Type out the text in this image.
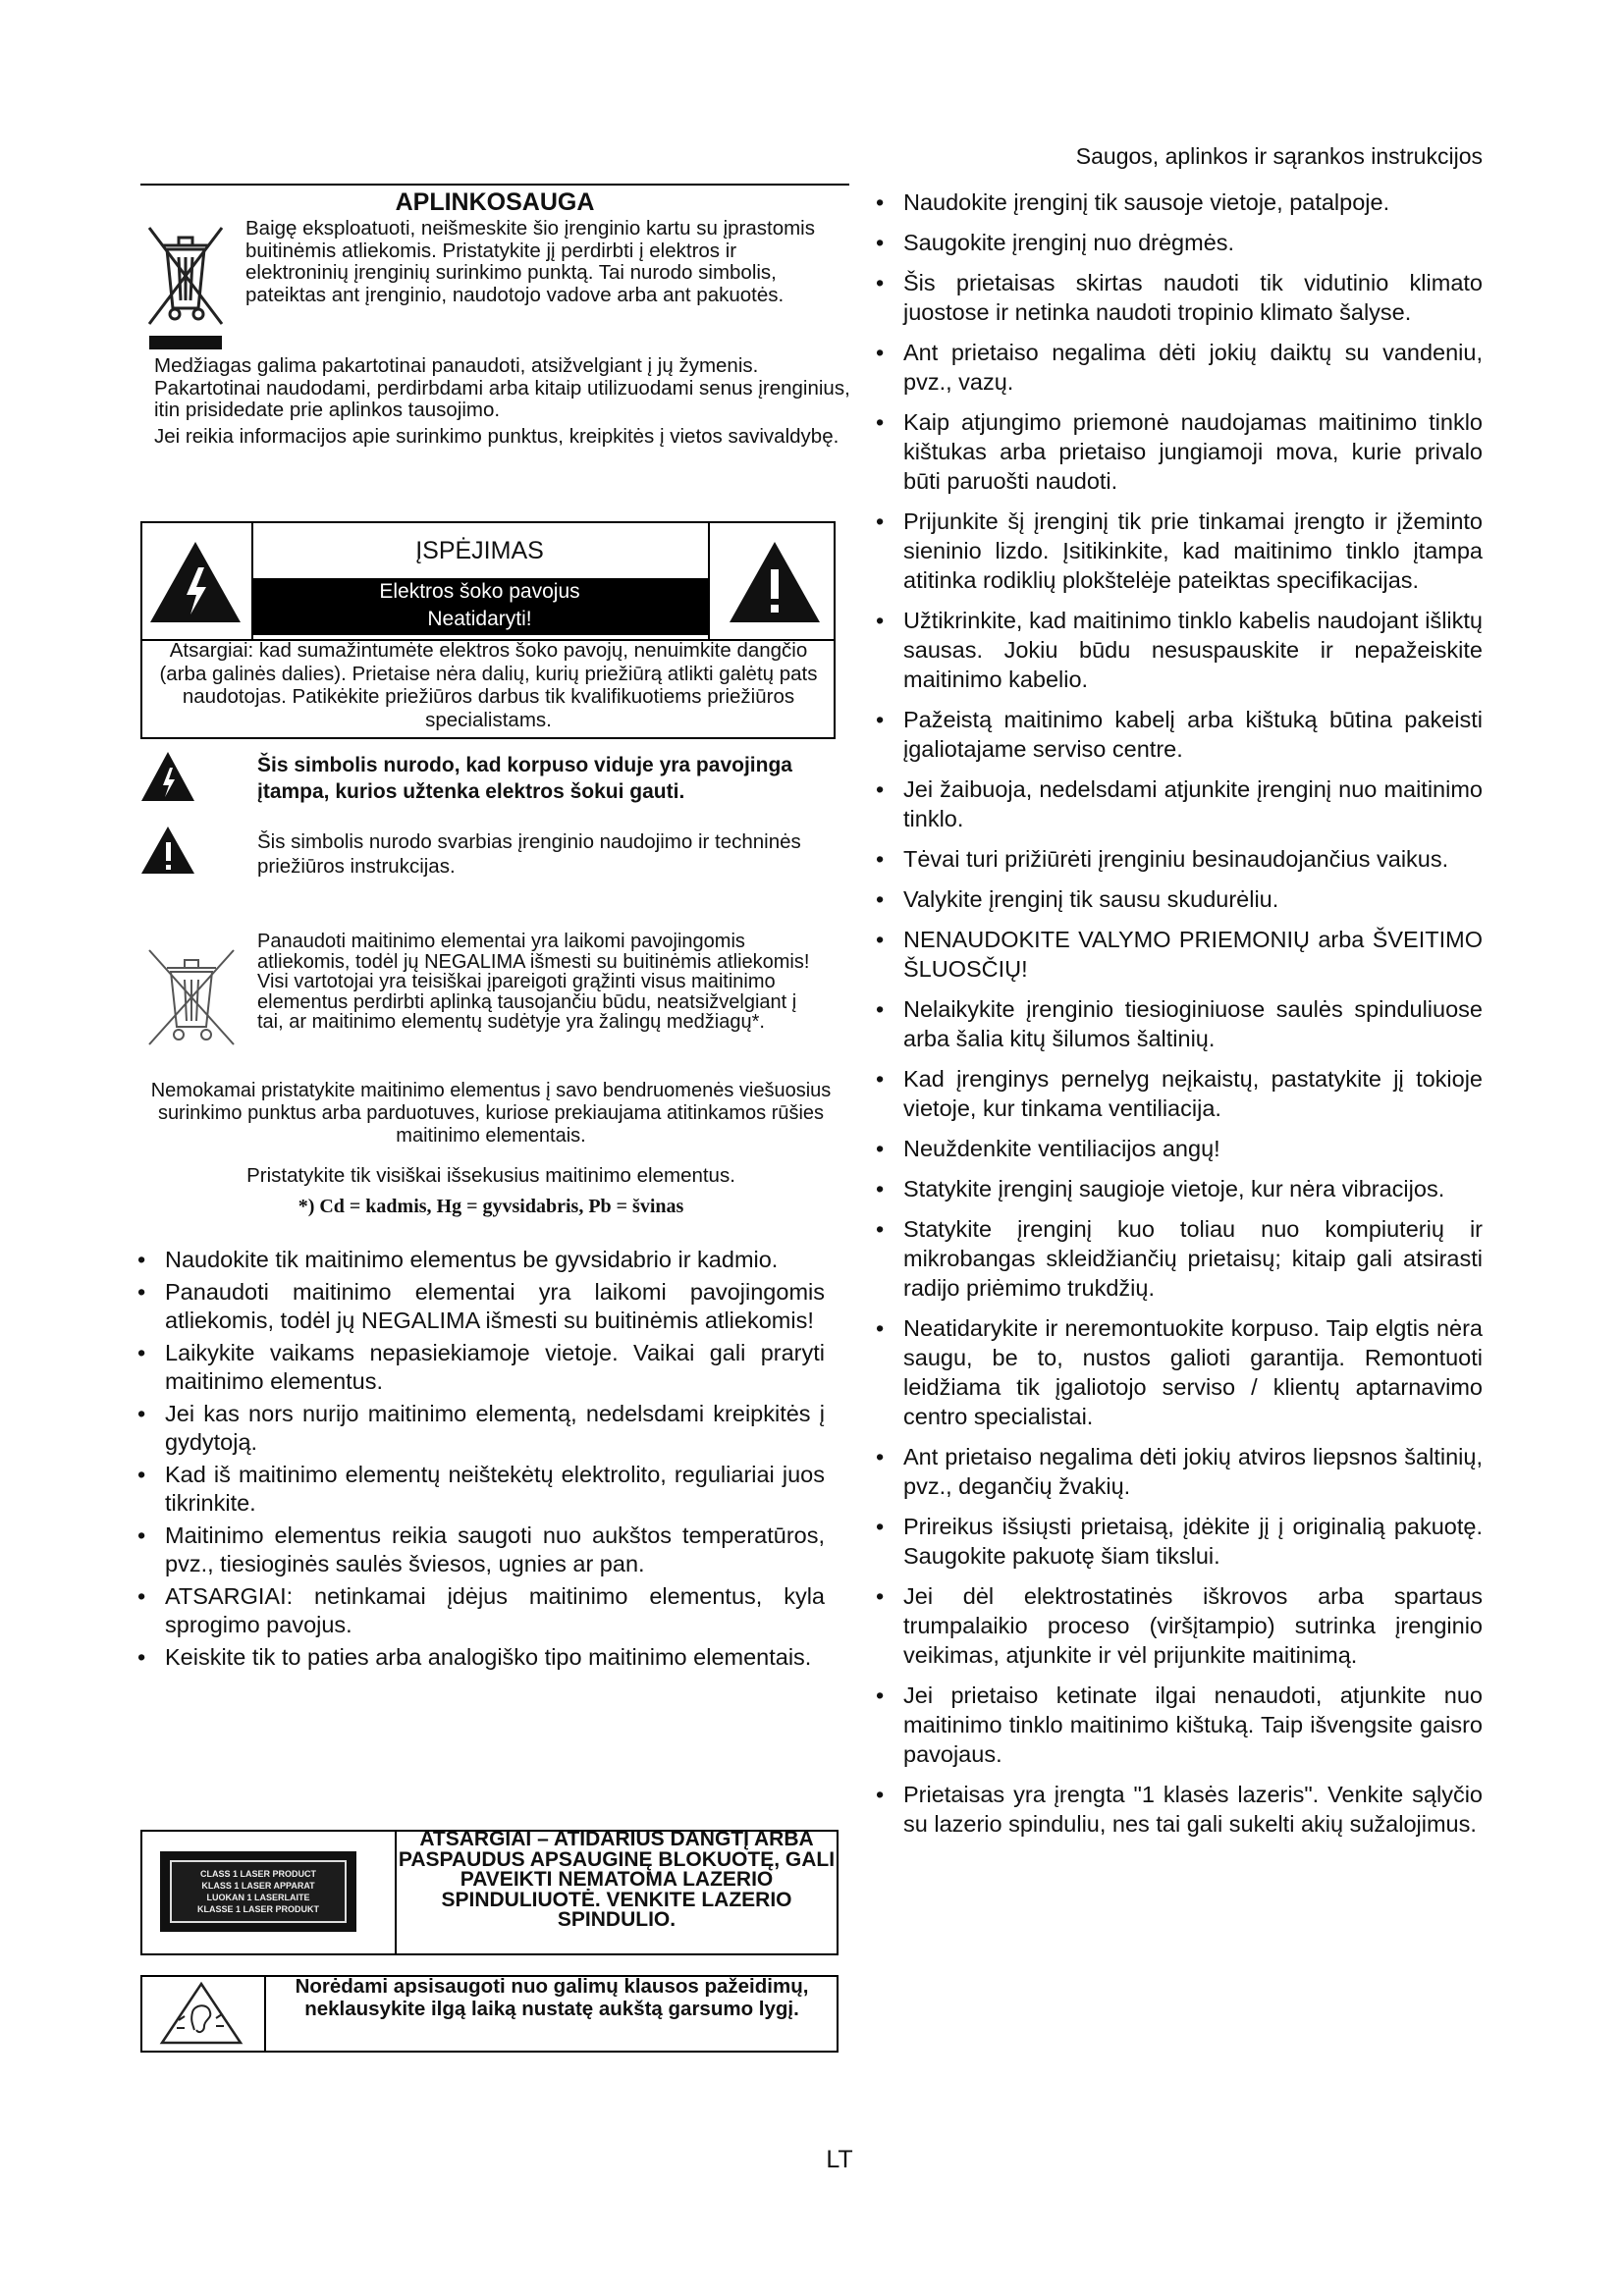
Saugos, aplinkos ir sąrankos instrukcijos
APLINKOSAUGA
Baigę eksploatuoti, neišmeskite šio įrenginio kartu su įprastomis buitinėmis atliekomis. Pristatykite jį perdirbti į elektros ir elektroninių įrenginių surinkimo punktą. Tai nurodo simbolis, pateiktas ant įrenginio, naudotojo vadove arba ant pakuotės.

Medžiagas galima pakartotinai panaudoti, atsižvelgiant į jų žymenis. Pakartotinai naudodami, perdirbdami arba kitaip utilizuodami senus įrenginius, itin prisidedate prie aplinkos tausojimo.

Jei reikia informacijos apie surinkimo punktus, kreipkitės į vietos savivaldybę.

ĮSPĖJIMAS
Elektros šoko pavojus
Neatidaryti!
Atsargiai: kad sumažintumėte elektros šoko pavojų, nenuimkite dangčio (arba galinės dalies). Prietaise nėra dalių, kurių priežiūrą atlikti galėtų pats naudotojas. Patikėkite priežiūros darbus tik kvalifikuotiems priežiūros specialistams.
Šis simbolis nurodo, kad korpuso viduje yra pavojinga įtampa, kurios užtenka elektros šokui gauti.
Šis simbolis nurodo svarbias įrenginio naudojimo ir techninės priežiūros instrukcijas.
Panaudoti maitinimo elementai yra laikomi pavojingomis atliekomis, todėl jų NEGALIMA išmesti su buitinėmis atliekomis! Visi vartotojai yra teisiškai įpareigoti grąžinti visus maitinimo elementus perdirbti aplinką tausojančiu būdu, neatsižvelgiant į tai, ar maitinimo elementų sudėtyje yra žalingų medžiagų*.
Nemokamai pristatykite maitinimo elementus į savo bendruomenės viešuosius surinkimo punktus arba parduotuves, kuriose prekiaujama atitinkamos rūšies maitinimo elementais.
Pristatykite tik visiškai išsekusius maitinimo elementus.
*) Cd = kadmis, Hg = gyvsidabris, Pb = švinas
• Naudokite tik maitinimo elementus be gyvsidabrio ir kadmio.
• Panaudoti maitinimo elementai yra laikomi pavojingomis atliekomis, todėl jų NEGALIMA išmesti su buitinėmis atliekomis!
• Laikykite vaikams nepasiekiamoje vietoje. Vaikai gali praryti maitinimo elementus.
• Jei kas nors nurijo maitinimo elementą, nedelsdami kreipkitės į gydytoją.
• Kad iš maitinimo elementų neištekėtų elektrolito, reguliariai juos tikrinkite.
• Maitinimo elementus reikia saugoti nuo aukštos temperatūros, pvz., tiesioginės saulės šviesos, ugnies ar pan.
• ATSARGIAI: netinkamai įdėjus maitinimo elementus, kyla sprogimo pavojus.
• Keiskite tik to paties arba analogiško tipo maitinimo elementais.
CLASS 1 LASER PRODUCT
KLASS 1 LASER APPARAT
LUOKAN 1 LASERLAITE
KLASSE 1 LASER PRODUKT
ATSARGIAI – ATIDARIUS DANGTĮ ARBA PASPAUDUS APSAUGINĘ BLOKUOTĘ, GALI PAVEIKTI NEMATOMA LAZERIO SPINDULIUOTĖ. VENKITE LAZERIO SPINDULIO.
Norėdami apsisaugoti nuo galimų klausos pažeidimų, neklausykite ilgą laiką nustatę aukštą garsumo lygį.
• Naudokite įrenginį tik sausoje vietoje, patalpoje.
• Saugokite įrenginį nuo drėgmės.
• Šis prietaisas skirtas naudoti tik vidutinio klimato juostose ir netinka naudoti tropinio klimato šalyse.
• Ant prietaiso negalima dėti jokių daiktų su vandeniu, pvz., vazų.
• Kaip atjungimo priemonė naudojamas maitinimo tinklo kištukas arba prietaiso jungiamoji mova, kurie privalo būti paruošti naudoti.
• Prijunkite šį įrenginį tik prie tinkamai įrengto ir įžeminto sieninio lizdo. Įsitikinkite, kad maitinimo tinklo įtampa atitinka rodiklių plokštelėje pateiktas specifikacijas.
• Užtikrinkite, kad maitinimo tinklo kabelis naudojant išliktų sausas. Jokiu būdu nesuspauskite ir nepažeiskite maitinimo kabelio.
• Pažeistą maitinimo kabelį arba kištuką būtina pakeisti įgaliotajame serviso centre.
• Jei žaibuoja, nedelsdami atjunkite įrenginį nuo maitinimo tinklo.
• Tėvai turi prižiūrėti įrenginiu besinaudojančius vaikus.
• Valykite įrenginį tik sausu skudurėliu.
• NENAUDOKITE VALYMO PRIEMONIŲ arba ŠVEITIMO ŠLUOSČIŲ!
• Nelaikykite įrenginio tiesioginiuose saulės spinduliuose arba šalia kitų šilumos šaltinių.
• Kad įrenginys pernelyg neįkaistų, pastatykite jį tokioje vietoje, kur tinkama ventiliacija.
• Neuždenkite ventiliacijos angų!
• Statykite įrenginį saugioje vietoje, kur nėra vibracijos.
• Statykite įrenginį kuo toliau nuo kompiuterių ir mikrobangas skleidžiančių prietaisų; kitaip gali atsirasti radijo priėmimo trukdžių.
• Neatidarykite ir neremontuokite korpuso. Taip elgtis nėra saugu, be to, nustos galioti garantija. Remontuoti leidžiama tik įgaliotojo serviso / klientų aptarnavimo centro specialistai.
• Ant prietaiso negalima dėti jokių atviros liepsnos šaltinių, pvz., degančių žvakių.
• Prireikus išsiųsti prietaisą, įdėkite jį į originalią pakuotę. Saugokite pakuotę šiam tikslui.
• Jei dėl elektrostatinės iškrovos arba spartaus trumpalaikio proceso (viršįtampio) sutrinka įrenginio veikimas, atjunkite ir vėl prijunkite maitinimą.
• Jei prietaiso ketinate ilgai nenaudoti, atjunkite nuo maitinimo tinklo maitinimo kištuką. Taip išvengsite gaisro pavojaus.
• Prietaisas yra įrengta "1 klasės lazeris". Venkite sąlyčio su lazerio spinduliu, nes tai gali sukelti akių sužalojimus.
LT
